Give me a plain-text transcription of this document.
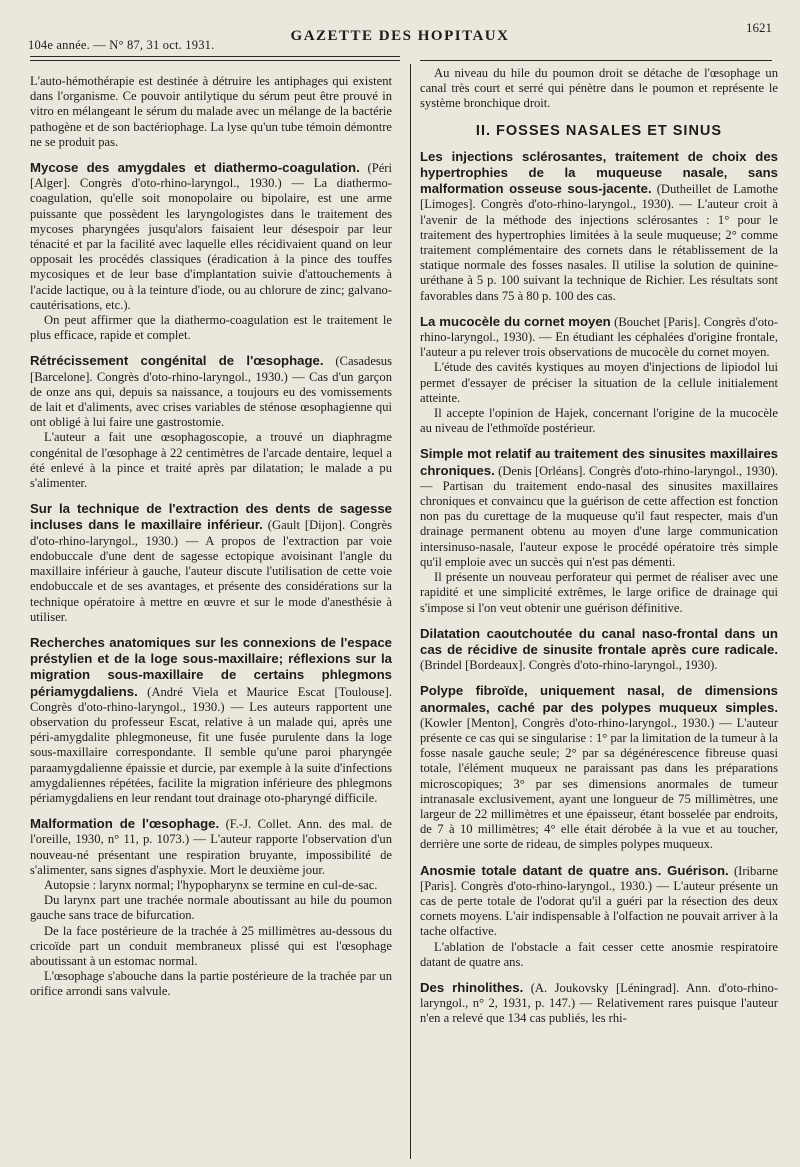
104e année. — N° 87, 31 oct. 1931.
GAZETTE DES HOPITAUX
1621

L'auto-hémothérapie est destinée à détruire les antiphages qui existent dans l'organisme. Ce pouvoir antilytique du sérum peut être prouvé in vitro en mélangeant le sérum du malade avec un mélange de la bactérie pathogène et de son bactériophage. La lyse qu'un tube témoin démontre ne se produit pas.

Mycose des amygdales et diathermo-coagulation. (Péri [Alger]. Congrès d'oto-rhino-laryngol., 1930.) — La diathermo-coagulation, qu'elle soit monopolaire ou bipolaire, est une arme puissante que possèdent les laryngologistes dans le traitement des mycoses pharyngées jusqu'alors faisaient leur désespoir par leur ténacité et par la facilité avec laquelle elles récidivaient quand on leur opposait les procédés classiques (éradication à la pince des touffes mycosiques et de leur base d'implantation suivie d'attouchements à l'acide lactique, ou à la teinture d'iode, ou au chlorure de zinc; galvano-cautérisations, etc.).

On peut affirmer que la diathermo-coagulation est le traitement le plus efficace, rapide et complet.

Rétrécissement congénital de l'œsophage. (Casadesus [Barcelone]. Congrès d'oto-rhino-laryngol., 1930.) — Cas d'un garçon de onze ans qui, depuis sa naissance, a toujours eu des vomissements de lait et d'aliments, avec crises variables de sténose œsophagienne qui ont obligé à lui faire une gastrostomie.

L'auteur a fait une œsophagoscopie, a trouvé un diaphragme congénital de l'œsophage à 22 centimètres de l'arcade dentaire, lequel a été enlevé à la pince et traité après par dilatation; le malade a pu s'alimenter.

Sur la technique de l'extraction des dents de sagesse incluses dans le maxillaire inférieur. (Gault [Dijon]. Congrès d'oto-rhino-laryngol., 1930.) — A propos de l'extraction par voie endobuccale d'une dent de sagesse ectopique avoisinant l'angle du maxillaire inférieur à gauche, l'auteur discute l'utilisation de cette voie endobuccale et de ses avantages, et présente des considérations sur la technique opératoire à mettre en œuvre et sur le mode d'anesthésie à utiliser.

Recherches anatomiques sur les connexions de l'espace préstylien et de la loge sous-maxillaire; réflexions sur la migration sous-maxillaire de certains phlegmons périamygdaliens. (André Viela et Maurice Escat [Toulouse]. Congrès d'oto-rhino-laryngol., 1930.) — Les auteurs rapportent une observation du professeur Escat, relative à un malade qui, après une péri-amygdalite phlegmoneuse, fit une fusée purulente dans la loge sous-maxillaire correspondante. Il semble qu'une paroi pharyngée paraamygdalienne épaissie et durcie, par exemple à la suite d'infections amygdaliennes répétées, facilite la migration inférieure des phlegmons périamygdaliens en leur rendant tout drainage oto-pharyngé difficile.

Malformation de l'œsophage. (F.-J. Collet. Ann. des mal. de l'oreille, 1930, n° 11, p. 1073.) — L'auteur rapporte l'observation d'un nouveau-né présentant une respiration bruyante, impossibilité de s'alimenter, sans signes d'asphyxie. Mort le deuxième jour.

Autopsie : larynx normal; l'hypopharynx se termine en cul-de-sac.

Du larynx part une trachée normale aboutissant au hile du poumon gauche sans trace de bifurcation.

De la face postérieure de la trachée à 25 millimètres au-dessous du cricoïde part un conduit membraneux plissé qui est l'œsophage aboutissant à un estomac normal.

L'œsophage s'abouche dans la partie postérieure de la trachée par un orifice arrondi sans valvule.

Au niveau du hile du poumon droit se détache de l'œsophage un canal très court et serré qui pénètre dans le poumon et représente le système bronchique droit.

II. FOSSES NASALES ET SINUS

Les injections sclérosantes, traitement de choix des hypertrophies de la muqueuse nasale, sans malformation osseuse sous-jacente. (Dutheillet de Lamothe [Limoges]. Congrès d'oto-rhino-laryngol., 1930). — L'auteur croit à l'avenir de la méthode des injections sclérosantes : 1° pour le traitement des hypertrophies limitées à la seule muqueuse; 2° comme traitement complémentaire des cornets dans le rétablissement de la statique normale des fosses nasales. Il utilise la solution de quinine-uréthane à 5 p. 100 suivant la technique de Richier. Les résultats sont favorables dans 75 à 80 p. 100 des cas.

La mucocèle du cornet moyen (Bouchet [Paris]. Congrès d'oto-rhino-laryngol., 1930). — En étudiant les céphalées d'origine frontale, l'auteur a pu relever trois observations de mucocèle du cornet moyen.

L'étude des cavités kystiques au moyen d'injections de lipiodol lui permet d'essayer de préciser la situation de la cellule initialement atteinte.

Il accepte l'opinion de Hajek, concernant l'origine de la mucocèle au niveau de l'ethmoïde postérieur.

Simple mot relatif au traitement des sinusites maxillaires chroniques. (Denis [Orléans]. Congrès d'oto-rhino-laryngol., 1930). — Partisan du traitement endo-nasal des sinusites maxillaires chroniques et convaincu que la guérison de cette affection est fonction non pas du curettage de la muqueuse qu'il faut respecter, mais d'un drainage permanent obtenu au moyen d'une large communication intersinuso-nasale, l'auteur expose le procédé opératoire très simple qu'il emploie avec un succès qui n'est pas démenti.

Il présente un nouveau perforateur qui permet de réaliser avec une rapidité et une simplicité extrêmes, le large orifice de drainage qui s'impose si l'on veut obtenir une guérison définitive.

Dilatation caoutchoutée du canal naso-frontal dans un cas de récidive de sinusite frontale après cure radicale. (Brindel [Bordeaux]. Congrès d'oto-rhino-laryngol., 1930).

Polype fibroïde, uniquement nasal, de dimensions anormales, caché par des polypes muqueux simples. (Kowler [Menton], Congrès d'oto-rhino-laryngol., 1930.) — L'auteur présente ce cas qui se singularise : 1° par la limitation de la tumeur à la fosse nasale gauche seule; 2° par sa dégénérescence fibreuse quasi totale, l'élément muqueux ne paraissant pas dans les préparations microscopiques; 3° par ses dimensions anormales de tumeur intranasale exclusivement, ayant une longueur de 75 millimètres, une largeur de 22 millimètres et une épaisseur, étant bosselée par endroits, de 7 à 10 millimètres; 4° elle était dérobée à la vue et au toucher, derrière une sorte de rideau, de simples polypes muqueux.

Anosmie totale datant de quatre ans. Guérison. (Iribarne [Paris]. Congrès d'oto-rhino-laryngol., 1930.) — L'auteur présente un cas de perte totale de l'odorat qu'il a guéri par la résection des deux cornets moyens. L'air indispensable à l'olfaction ne pouvait arriver à la tache olfactive.

L'ablation de l'obstacle a fait cesser cette anosmie respiratoire datant de quatre ans.

Des rhinolithes. (A. Joukovsky [Léningrad]. Ann. d'oto-rhino-laryngol., n° 2, 1931, p. 147.) — Relativement rares puisque l'auteur n'en a relevé que 134 cas publiés, les rhi-
